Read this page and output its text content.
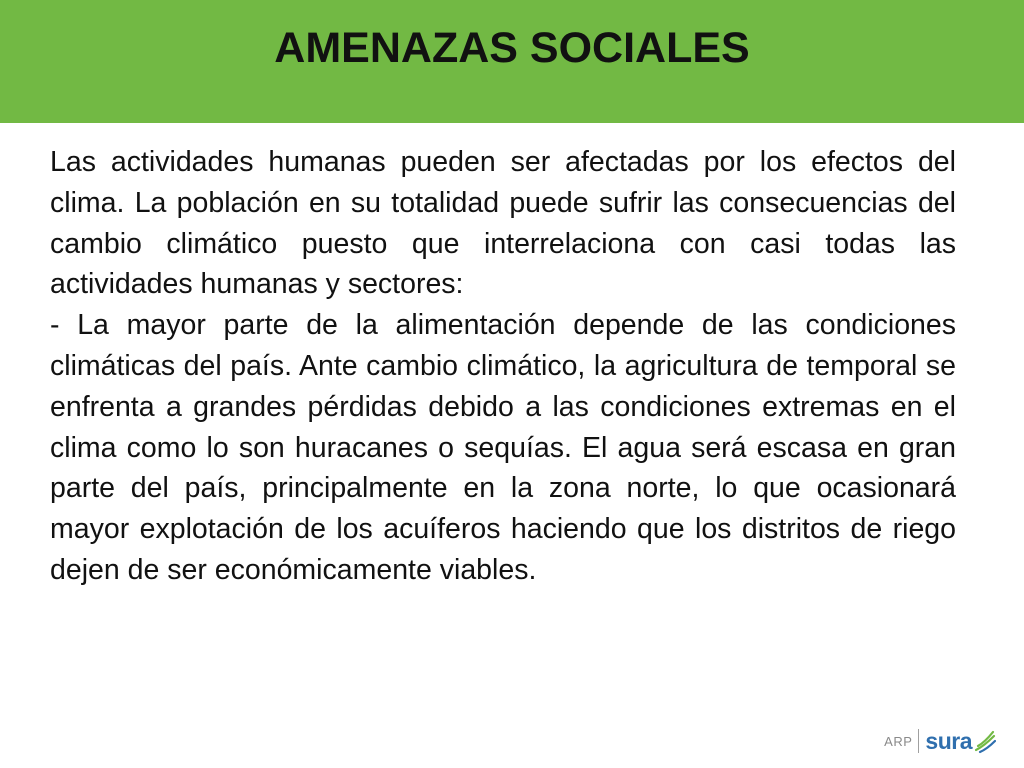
AMENAZAS SOCIALES

Las actividades humanas pueden ser afectadas por los efectos del clima. La población en su totalidad puede sufrir las consecuencias del cambio climático puesto que interrelaciona con casi todas las actividades humanas y sectores:

- La mayor parte de la alimentación depende de las condiciones climáticas del país. Ante cambio climático, la agricultura de temporal se enfrenta a grandes pérdidas debido a las condiciones extremas en el clima como lo son huracanes o sequías. El agua será escasa en gran parte del país, principalmente en la zona norte, lo que ocasionará mayor explotación de los acuíferos haciendo que los distritos de riego dejen de ser económicamente viables.

ARP sura
